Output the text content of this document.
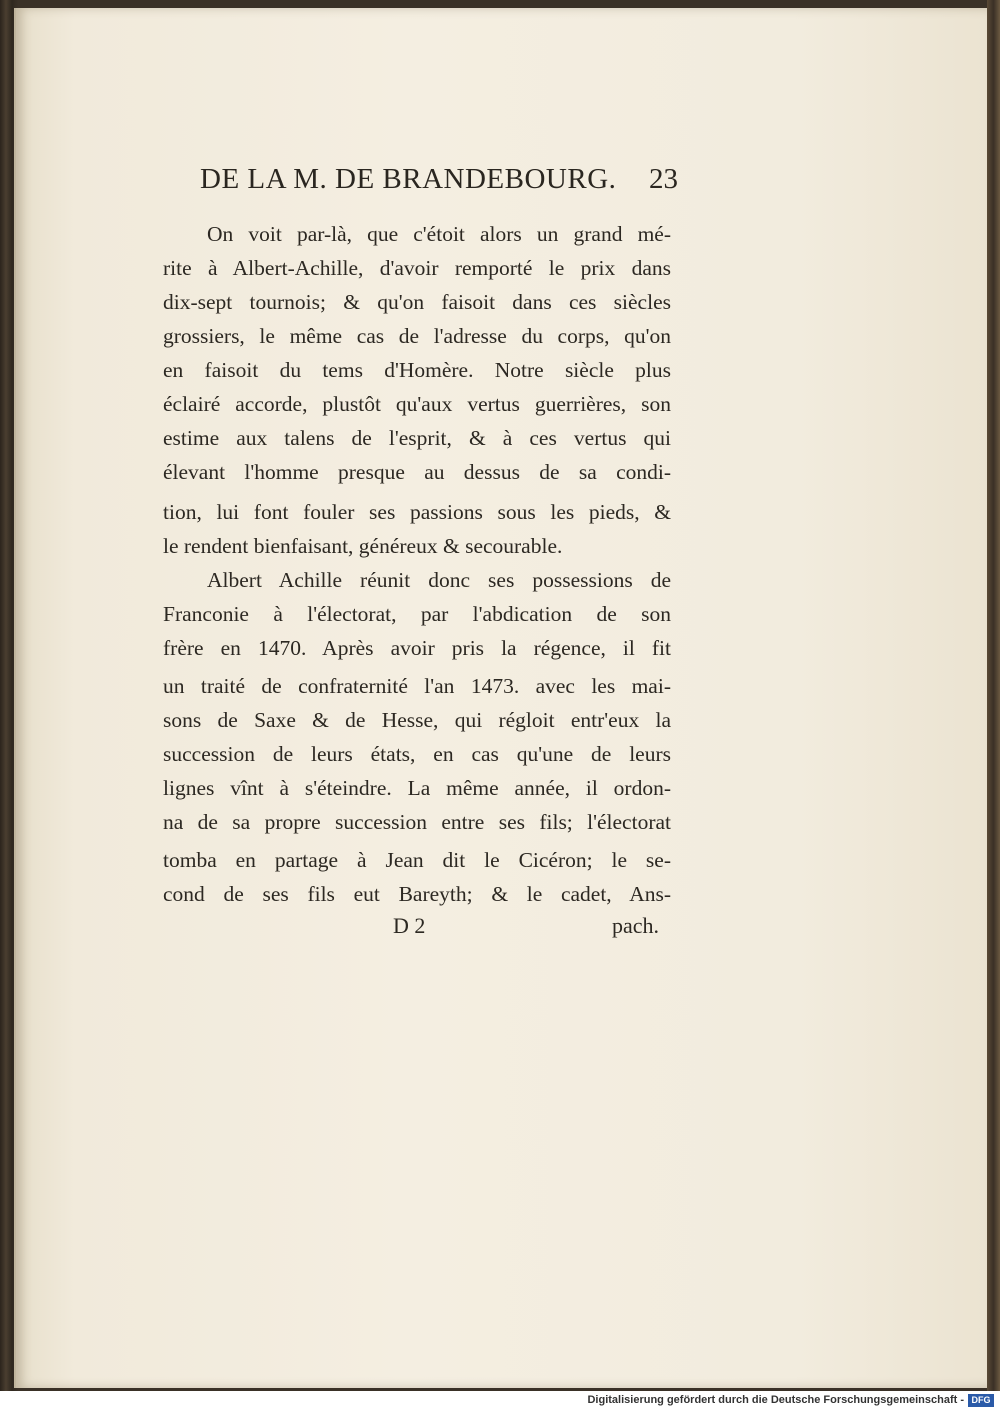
DE LA M. DE BRANDEBOURG. 23
On voit par-là, que c'étoit alors un grand mé-
rite à Albert-Achille, d'avoir remporté le prix dans
dix-sept tournois; & qu'on faisoit dans ces siècles
grossiers, le même cas de l'adresse du corps, qu'on
en faisoit du tems d'Homère. Notre siècle plus
éclairé accorde, plustôt qu'aux vertus guerrières, son
estime aux talens de l'esprit, & à ces vertus qui
élevant l'homme presque au dessus de sa condi-
tion, lui font fouler ses passions sous les pieds, &
le rendent bienfaisant, généreux & secourable.
Albert Achille réunit donc ses possessions de
Franconie à l'électorat, par l'abdication de son
frère en 1470. Après avoir pris la régence, il fit
un traité de confraternité l'an 1473. avec les mai-
sons de Saxe & de Hesse, qui régloit entr'eux la
succession de leurs états, en cas qu'une de leurs
lignes vînt à s'éteindre. La même année, il ordon-
na de sa propre succession entre ses fils; l'électorat
tomba en partage à Jean dit le Cicéron; le se-
cond de ses fils eut Bareyth; & le cadet, Ans-
D 2	pach.
Digitalisierung gefördert durch die Deutsche Forschungsgemeinschaft - DFG
